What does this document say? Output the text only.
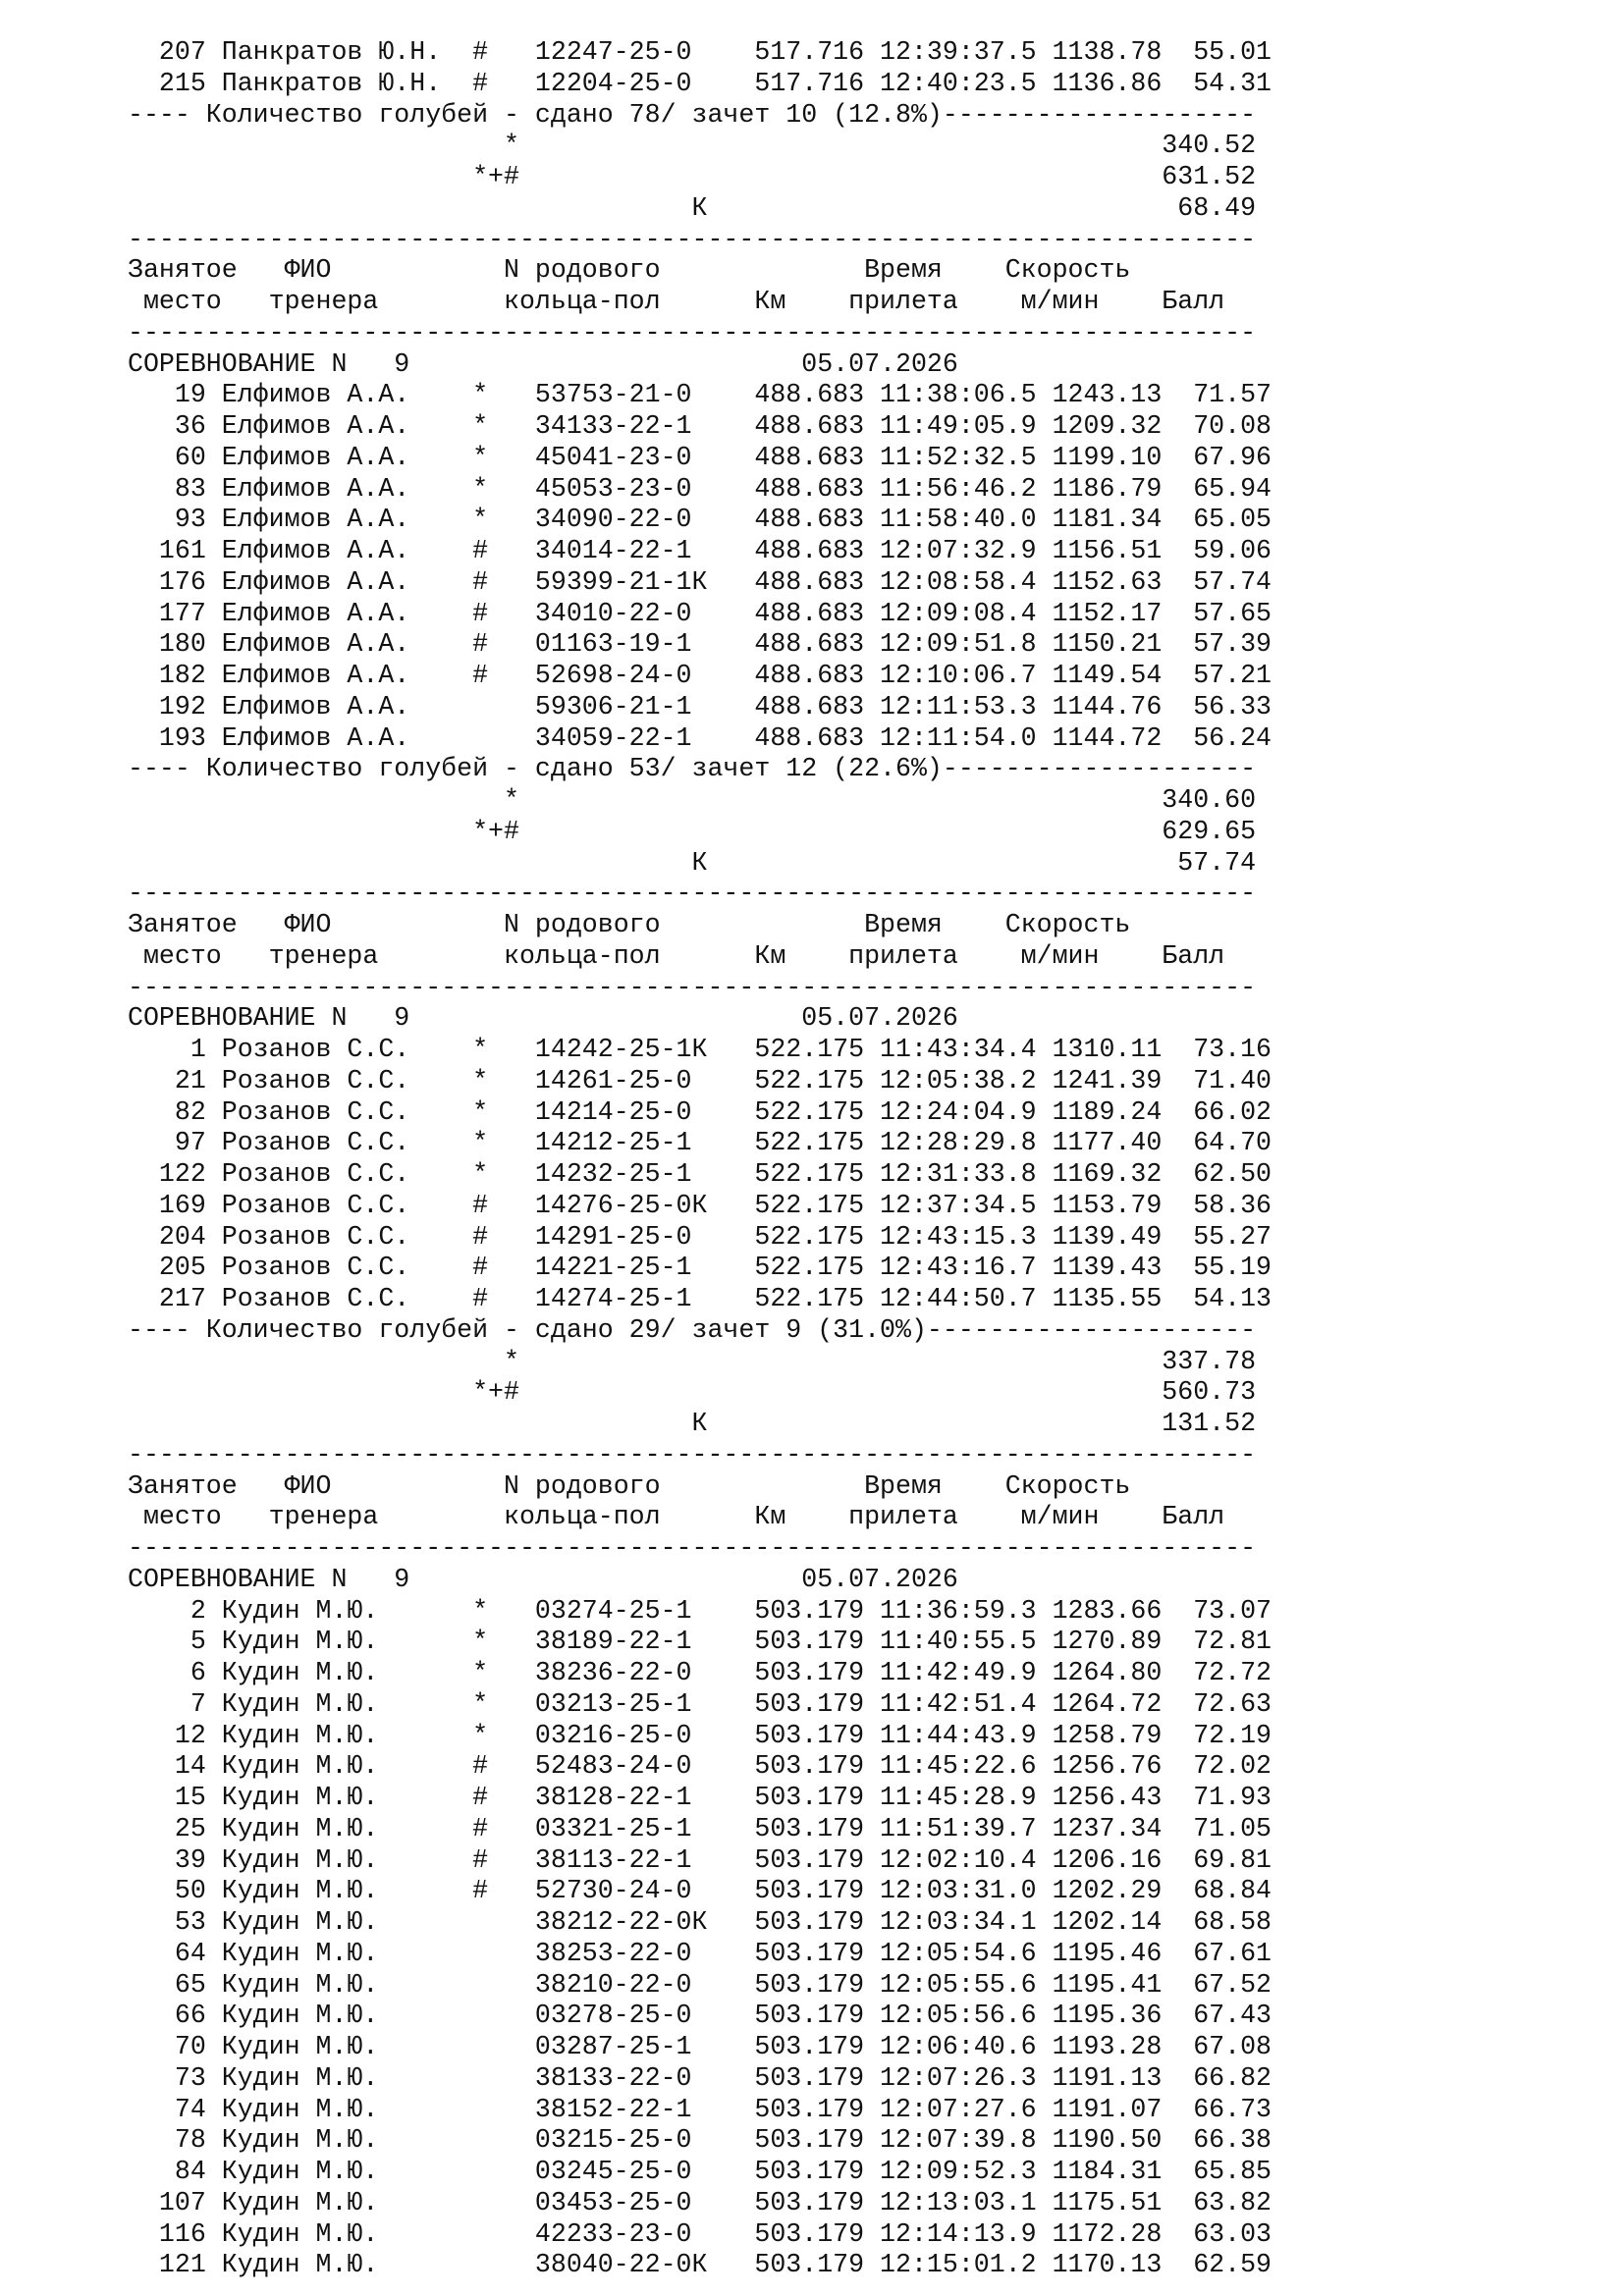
207 Панкратов Ю.Н.  #   12247-25-0    517.716 12:39:37.5 1138.78  55.01
215 Панкратов Ю.Н.  #   12204-25-0    517.716 12:40:23.5 1136.86  54.31
---- Количество голубей - сдано 78/ зачет 10 (12.8%)--------------------
*                                         340.52
*+#                                         631.52
К                              68.49
------------------------------------------------------------------------
Занятое   ФИО           N родового             Время    Скорость
место   тренера        кольца-пол      Км    прилета    м/мин    Балл
------------------------------------------------------------------------
СОРЕВНОВАНИЕ N   9                         05.07.2026
19 Елфимов А.А.    *   53753-21-0    488.683 11:38:06.5 1243.13  71.57
36 Елфимов А.А.    *   34133-22-1    488.683 11:49:05.9 1209.32  70.08
60 Елфимов А.А.    *   45041-23-0    488.683 11:52:32.5 1199.10  67.96
83 Елфимов А.А.    *   45053-23-0    488.683 11:56:46.2 1186.79  65.94
93 Елфимов А.А.    *   34090-22-0    488.683 11:58:40.0 1181.34  65.05
161 Елфимов А.А.    #   34014-22-1    488.683 12:07:32.9 1156.51  59.06
176 Елфимов А.А.    #   59399-21-1К   488.683 12:08:58.4 1152.63  57.74
177 Елфимов А.А.    #   34010-22-0    488.683 12:09:08.4 1152.17  57.65
180 Елфимов А.А.    #   01163-19-1    488.683 12:09:51.8 1150.21  57.39
182 Елфимов А.А.    #   52698-24-0    488.683 12:10:06.7 1149.54  57.21
192 Елфимов А.А.        59306-21-1    488.683 12:11:53.3 1144.76  56.33
193 Елфимов А.А.        34059-22-1    488.683 12:11:54.0 1144.72  56.24
---- Количество голубей - сдано 53/ зачет 12 (22.6%)--------------------
*                                         340.60
*+#                                         629.65
К                              57.74
------------------------------------------------------------------------
Занятое   ФИО           N родового             Время    Скорость
место   тренера        кольца-пол      Км    прилета    м/мин    Балл
------------------------------------------------------------------------
СОРЕВНОВАНИЕ N   9                         05.07.2026
1 Розанов С.С.    *   14242-25-1К   522.175 11:43:34.4 1310.11  73.16
21 Розанов С.С.    *   14261-25-0    522.175 12:05:38.2 1241.39  71.40
82 Розанов С.С.    *   14214-25-0    522.175 12:24:04.9 1189.24  66.02
97 Розанов С.С.    *   14212-25-1    522.175 12:28:29.8 1177.40  64.70
122 Розанов С.С.    *   14232-25-1    522.175 12:31:33.8 1169.32  62.50
169 Розанов С.С.    #   14276-25-0К   522.175 12:37:34.5 1153.79  58.36
204 Розанов С.С.    #   14291-25-0    522.175 12:43:15.3 1139.49  55.27
205 Розанов С.С.    #   14221-25-1    522.175 12:43:16.7 1139.43  55.19
217 Розанов С.С.    #   14274-25-1    522.175 12:44:50.7 1135.55  54.13
---- Количество голубей - сдано 29/ зачет 9 (31.0%)---------------------
*                                         337.78
*+#                                         560.73
К                             131.52
------------------------------------------------------------------------
Занятое   ФИО           N родового             Время    Скорость
место   тренера        кольца-пол      Км    прилета    м/мин    Балл
------------------------------------------------------------------------
СОРЕВНОВАНИЕ N   9                         05.07.2026
2 Кудин М.Ю.      *   03274-25-1    503.179 11:36:59.3 1283.66  73.07
5 Кудин М.Ю.      *   38189-22-1    503.179 11:40:55.5 1270.89  72.81
6 Кудин М.Ю.      *   38236-22-0    503.179 11:42:49.9 1264.80  72.72
7 Кудин М.Ю.      *   03213-25-1    503.179 11:42:51.4 1264.72  72.63
12 Кудин М.Ю.      *   03216-25-0    503.179 11:44:43.9 1258.79  72.19
14 Кудин М.Ю.      #   52483-24-0    503.179 11:45:22.6 1256.76  72.02
15 Кудин М.Ю.      #   38128-22-1    503.179 11:45:28.9 1256.43  71.93
25 Кудин М.Ю.      #   03321-25-1    503.179 11:51:39.7 1237.34  71.05
39 Кудин М.Ю.      #   38113-22-1    503.179 12:02:10.4 1206.16  69.81
50 Кудин М.Ю.      #   52730-24-0    503.179 12:03:31.0 1202.29  68.84
53 Кудин М.Ю.          38212-22-0К   503.179 12:03:34.1 1202.14  68.58
64 Кудин М.Ю.          38253-22-0    503.179 12:05:54.6 1195.46  67.61
65 Кудин М.Ю.          38210-22-0    503.179 12:05:55.6 1195.41  67.52
66 Кудин М.Ю.          03278-25-0    503.179 12:05:56.6 1195.36  67.43
70 Кудин М.Ю.          03287-25-1    503.179 12:06:40.6 1193.28  67.08
73 Кудин М.Ю.          38133-22-0    503.179 12:07:26.3 1191.13  66.82
74 Кудин М.Ю.          38152-22-1    503.179 12:07:27.6 1191.07  66.73
78 Кудин М.Ю.          03215-25-0    503.179 12:07:39.8 1190.50  66.38
84 Кудин М.Ю.          03245-25-0    503.179 12:09:52.3 1184.31  65.85
107 Кудин М.Ю.          03453-25-0    503.179 12:13:03.1 1175.51  63.82
116 Кудин М.Ю.          42233-23-0    503.179 12:14:13.9 1172.28  63.03
121 Кудин М.Ю.          38040-22-0К   503.179 12:15:01.2 1170.13  62.59
